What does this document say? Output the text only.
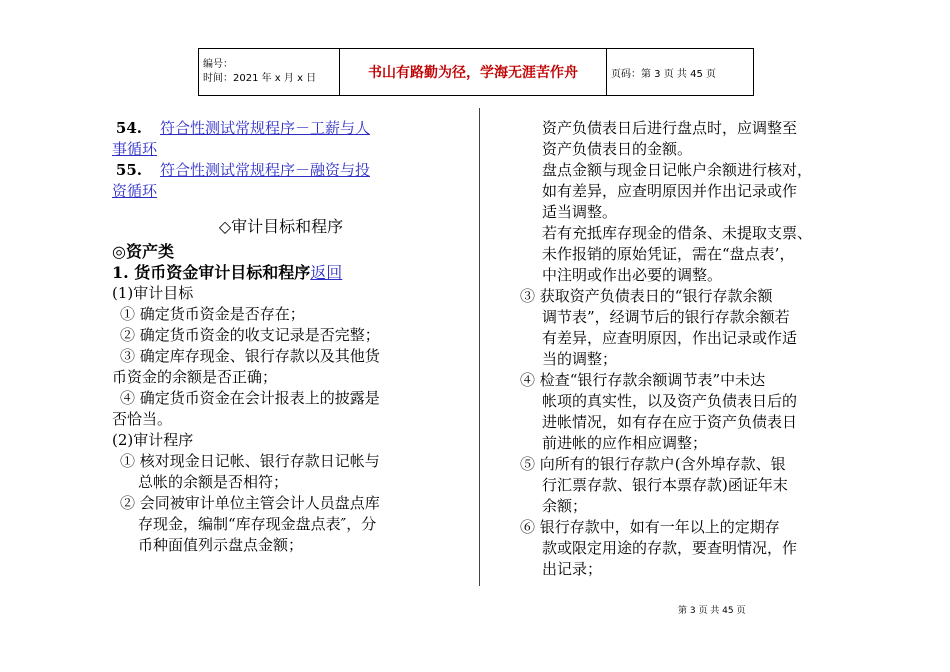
编号：
时间：2021 年 x 月 x 日	书山有路勤为径，学海无涯苦作舟	页码：第 3 页 共 45 页

54. 符合性测试常规程序－工薪与人

事循环

55. 符合性测试常规程序－融资与投

资循环

◇审计目标和程序

◎资产类

1. 货币资金审计目标和程序返回

(1)审计目标

① 确定货币资金是否存在；

② 确定货币资金的收支记录是否完整；

③ 确定库存现金、银行存款以及其他货

币资金的余额是否正确；

④ 确定货币资金在会计报表上的披露是

否恰当。

(2)审计程序

① 核对现金日记帐、银行存款日记帐与

总帐的余额是否相符；

② 会同被审计单位主管会计人员盘点库

存现金，编制“库存现金盘点表″，分

币种面值列示盘点金额；

资产负债表日后进行盘点时，应调整至

资产负债表日的金额。

盘点金额与现金日记帐户余额进行核对，

如有差异，应查明原因并作出记录或作

适当调整。

若有充抵库存现金的借条、未提取支票、

未作报销的原始凭证，需在“盘点表’，

中注明或作出必要的调整。

③ 获取资产负债表日的“银行存款余额

调节表”，经调节后的银行存款余额若

有差异，应查明原因，作出记录或作适

当的调整；

④ 检查“银行存款余额调节表”中未达

帐项的真实性，以及资产负债表日后的

进帐情况，如有存在应于资产负债表日

前进帐的应作相应调整；

⑤ 向所有的银行存款户(含外埠存款、银

行汇票存款、银行本票存款)函证年末

余额；

⑥ 银行存款中，如有一年以上的定期存

款或限定用途的存款，要查明情况，作

出记录；

第 3 页 共 45 页
